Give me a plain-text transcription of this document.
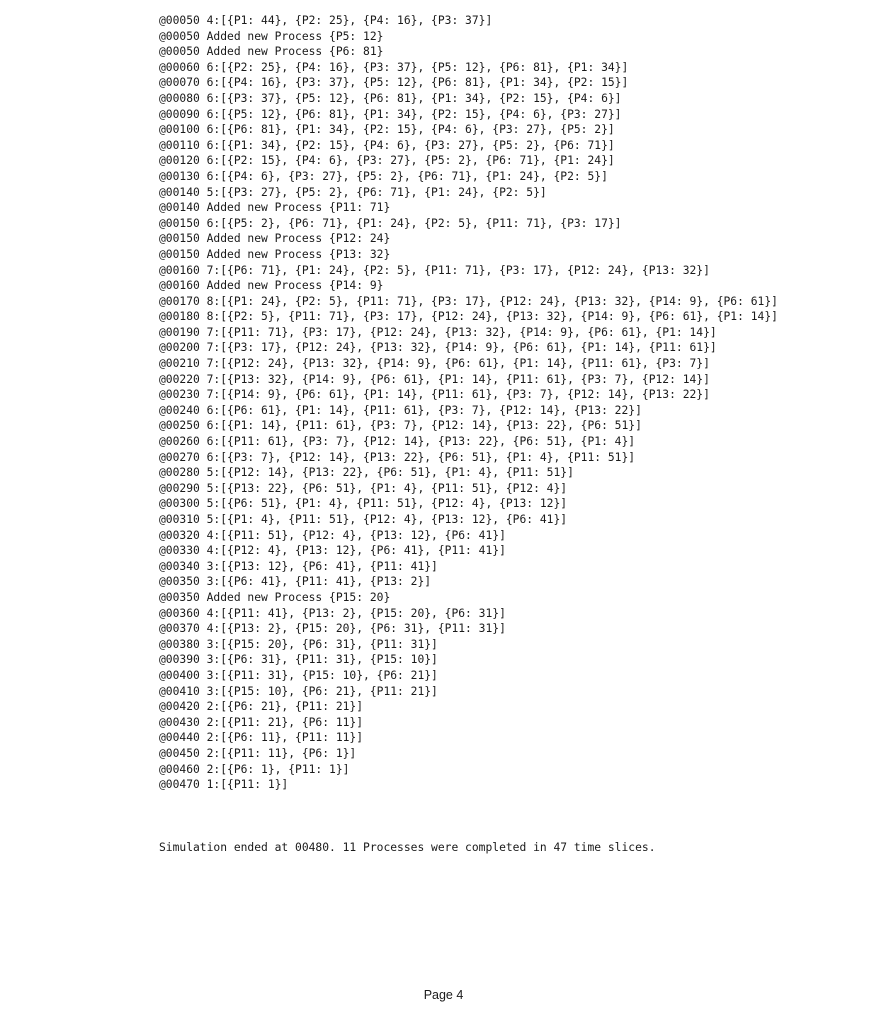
@00050 4:[{P1: 44}, {P2: 25}, {P4: 16}, {P3: 37}]
@00050 Added new Process {P5: 12}
@00050 Added new Process {P6: 81}
@00060 6:[{P2: 25}, {P4: 16}, {P3: 37}, {P5: 12}, {P6: 81}, {P1: 34}]
@00070 6:[{P4: 16}, {P3: 37}, {P5: 12}, {P6: 81}, {P1: 34}, {P2: 15}]
@00080 6:[{P3: 37}, {P5: 12}, {P6: 81}, {P1: 34}, {P2: 15}, {P4: 6}]
@00090 6:[{P5: 12}, {P6: 81}, {P1: 34}, {P2: 15}, {P4: 6}, {P3: 27}]
@00100 6:[{P6: 81}, {P1: 34}, {P2: 15}, {P4: 6}, {P3: 27}, {P5: 2}]
@00110 6:[{P1: 34}, {P2: 15}, {P4: 6}, {P3: 27}, {P5: 2}, {P6: 71}]
@00120 6:[{P2: 15}, {P4: 6}, {P3: 27}, {P5: 2}, {P6: 71}, {P1: 24}]
@00130 6:[{P4: 6}, {P3: 27}, {P5: 2}, {P6: 71}, {P1: 24}, {P2: 5}]
@00140 5:[{P3: 27}, {P5: 2}, {P6: 71}, {P1: 24}, {P2: 5}]
@00140 Added new Process {P11: 71}
@00150 6:[{P5: 2}, {P6: 71}, {P1: 24}, {P2: 5}, {P11: 71}, {P3: 17}]
@00150 Added new Process {P12: 24}
@00150 Added new Process {P13: 32}
@00160 7:[{P6: 71}, {P1: 24}, {P2: 5}, {P11: 71}, {P3: 17}, {P12: 24}, {P13: 32}]
@00160 Added new Process {P14: 9}
@00170 8:[{P1: 24}, {P2: 5}, {P11: 71}, {P3: 17}, {P12: 24}, {P13: 32}, {P14: 9}, {P6: 61}]
@00180 8:[{P2: 5}, {P11: 71}, {P3: 17}, {P12: 24}, {P13: 32}, {P14: 9}, {P6: 61}, {P1: 14}]
@00190 7:[{P11: 71}, {P3: 17}, {P12: 24}, {P13: 32}, {P14: 9}, {P6: 61}, {P1: 14}]
@00200 7:[{P3: 17}, {P12: 24}, {P13: 32}, {P14: 9}, {P6: 61}, {P1: 14}, {P11: 61}]
@00210 7:[{P12: 24}, {P13: 32}, {P14: 9}, {P6: 61}, {P1: 14}, {P11: 61}, {P3: 7}]
@00220 7:[{P13: 32}, {P14: 9}, {P6: 61}, {P1: 14}, {P11: 61}, {P3: 7}, {P12: 14}]
@00230 7:[{P14: 9}, {P6: 61}, {P1: 14}, {P11: 61}, {P3: 7}, {P12: 14}, {P13: 22}]
@00240 6:[{P6: 61}, {P1: 14}, {P11: 61}, {P3: 7}, {P12: 14}, {P13: 22}]
@00250 6:[{P1: 14}, {P11: 61}, {P3: 7}, {P12: 14}, {P13: 22}, {P6: 51}]
@00260 6:[{P11: 61}, {P3: 7}, {P12: 14}, {P13: 22}, {P6: 51}, {P1: 4}]
@00270 6:[{P3: 7}, {P12: 14}, {P13: 22}, {P6: 51}, {P1: 4}, {P11: 51}]
@00280 5:[{P12: 14}, {P13: 22}, {P6: 51}, {P1: 4}, {P11: 51}]
@00290 5:[{P13: 22}, {P6: 51}, {P1: 4}, {P11: 51}, {P12: 4}]
@00300 5:[{P6: 51}, {P1: 4}, {P11: 51}, {P12: 4}, {P13: 12}]
@00310 5:[{P1: 4}, {P11: 51}, {P12: 4}, {P13: 12}, {P6: 41}]
@00320 4:[{P11: 51}, {P12: 4}, {P13: 12}, {P6: 41}]
@00330 4:[{P12: 4}, {P13: 12}, {P6: 41}, {P11: 41}]
@00340 3:[{P13: 12}, {P6: 41}, {P11: 41}]
@00350 3:[{P6: 41}, {P11: 41}, {P13: 2}]
@00350 Added new Process {P15: 20}
@00360 4:[{P11: 41}, {P13: 2}, {P15: 20}, {P6: 31}]
@00370 4:[{P13: 2}, {P15: 20}, {P6: 31}, {P11: 31}]
@00380 3:[{P15: 20}, {P6: 31}, {P11: 31}]
@00390 3:[{P6: 31}, {P11: 31}, {P15: 10}]
@00400 3:[{P11: 31}, {P15: 10}, {P6: 21}]
@00410 3:[{P15: 10}, {P6: 21}, {P11: 21}]
@00420 2:[{P6: 21}, {P11: 21}]
@00430 2:[{P11: 21}, {P6: 11}]
@00440 2:[{P6: 11}, {P11: 11}]
@00450 2:[{P11: 11}, {P6: 1}]
@00460 2:[{P6: 1}, {P11: 1}]
@00470 1:[{P11: 1}]
Simulation ended at 00480. 11 Processes were completed in 47 time slices.
Page 4
